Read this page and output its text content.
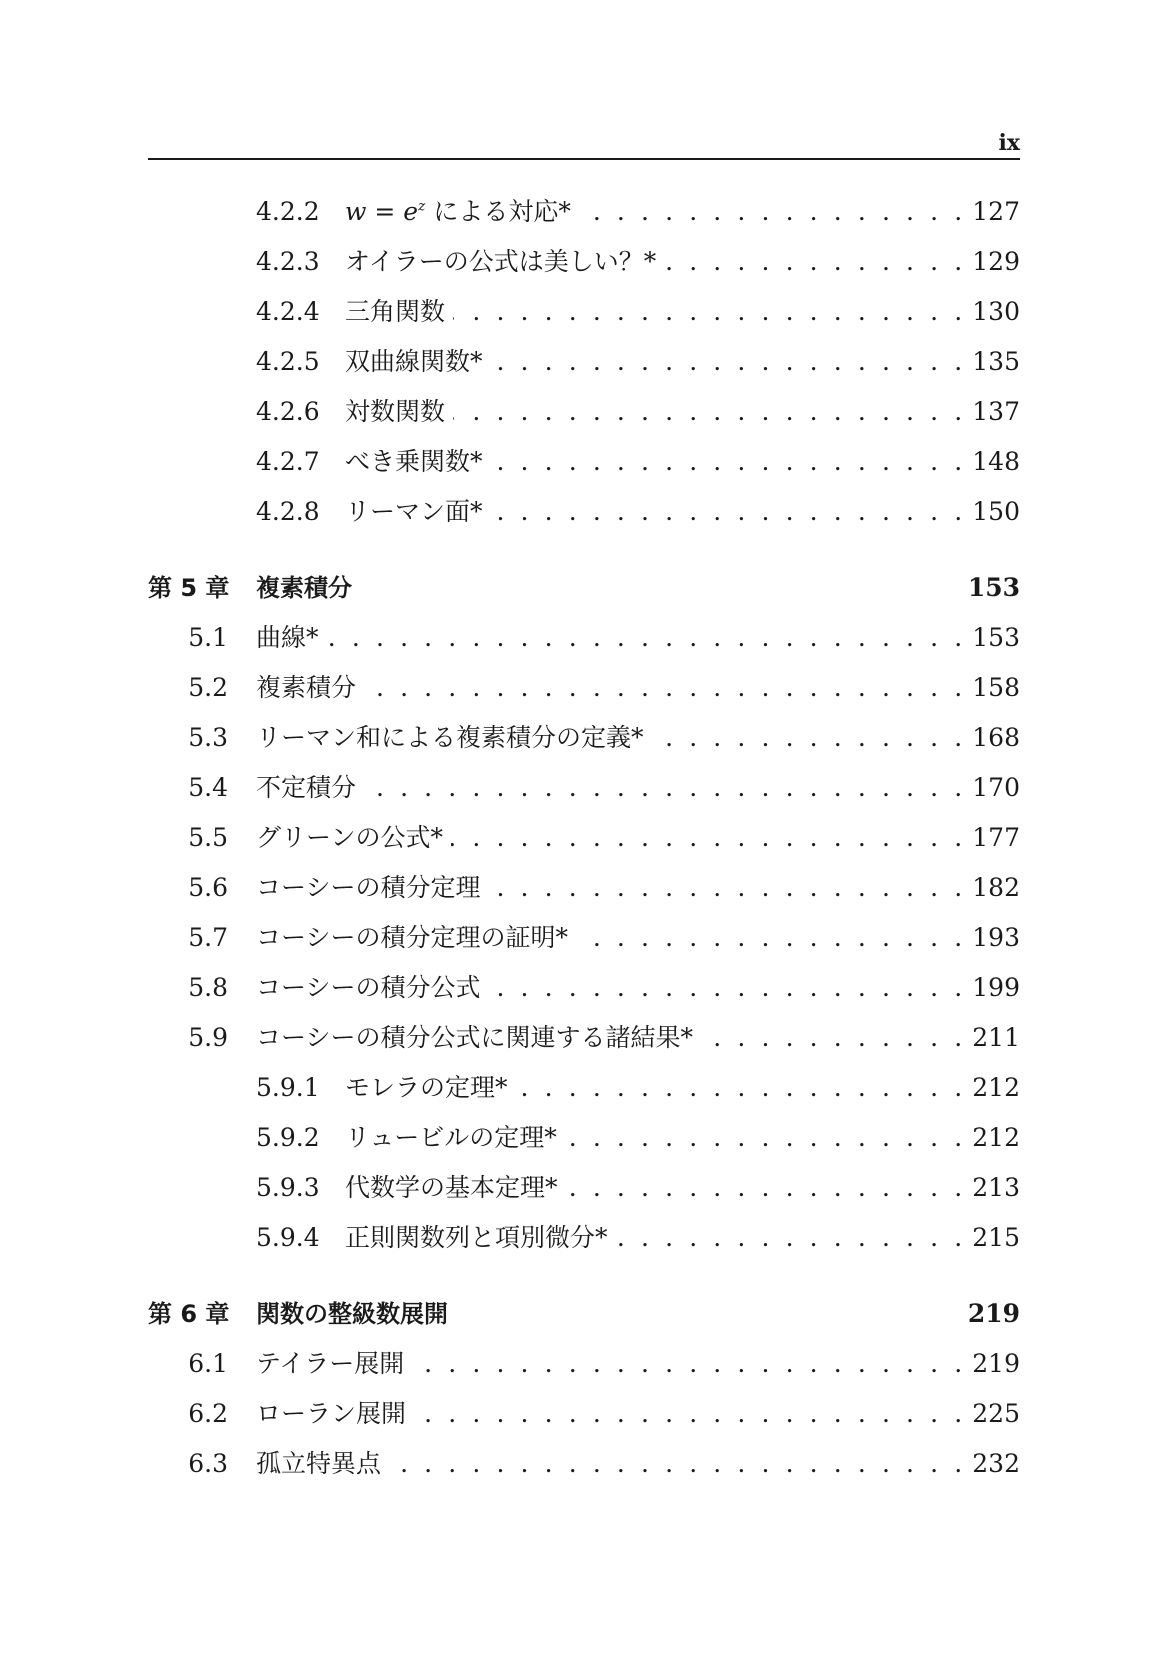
ix
4.2.2 $w = e^z$ による対応* . . .	127
4.2.3 オイラーの公式は美しい？* . . .	129
4.2.4 三角関数 . . .	130
4.2.5 双曲線関数* . . .	135
4.2.6 対数関数 . . .	137
4.2.7 べき乗関数* . . .	148
4.2.8 リーマン面* . . .	150
第 5 章 複素積分	153
5.1 曲線* . . .	153
5.2 複素積分 . . .	158
5.3 リーマン和による複素積分の定義* . . .	168
5.4 不定積分 . . .	170
5.5 グリーンの公式* . . .	177
5.6 コーシーの積分定理 . . .	182
5.7 コーシーの積分定理の証明* . . .	193
5.8 コーシーの積分公式 . . .	199
5.9 コーシーの積分公式に関連する諸結果* . . .	211
5.9.1 モレラの定理* . . .	212
5.9.2 リュービルの定理* . . .	212
5.9.3 代数学の基本定理* . . .	213
5.9.4 正則関数列と項別微分* . . .	215
第 6 章 関数の整級数展開	219
6.1 テイラー展開 . . .	219
6.2 ローラン展開 . . .	225
6.3 孤立特異点 . . .	232
